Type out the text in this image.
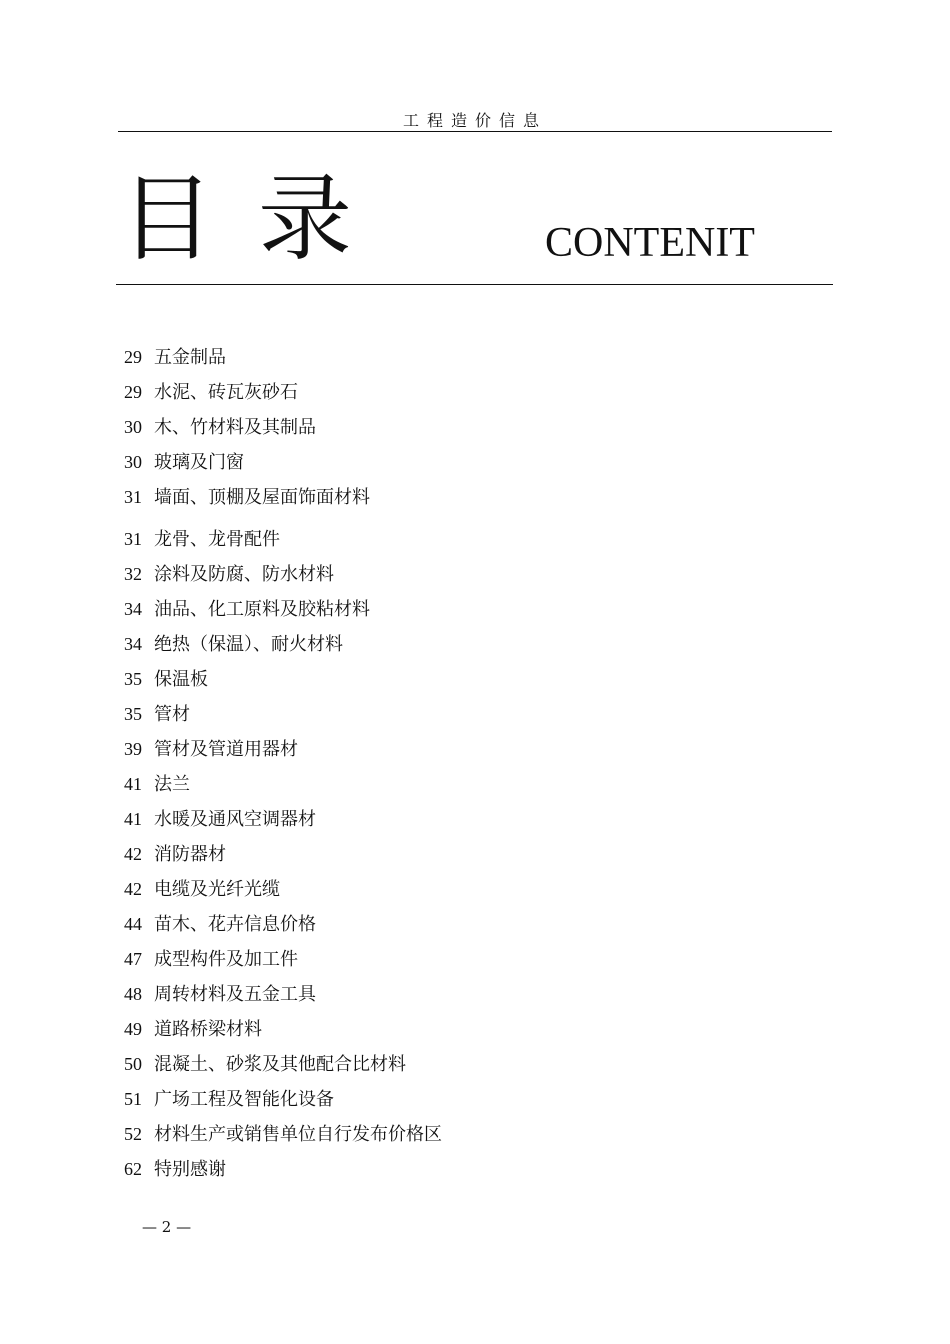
工程造价信息
目录	CONTENIT
29 五金制品
29 水泥、砖瓦灰砂石
30 木、竹材料及其制品
30 玻璃及门窗
31 墙面、顶棚及屋面饰面材料
31 龙骨、龙骨配件
32 涂料及防腐、防水材料
34 油品、化工原料及胶粘材料
34 绝热（保温）、耐火材料
35 保温板
35 管材
39 管材及管道用器材
41 法兰
41 水暖及通风空调器材
42 消防器材
42 电缆及光纤光缆
44 苗木、花卉信息价格
47 成型构件及加工件
48 周转材料及五金工具
49 道路桥梁材料
50 混凝土、砂浆及其他配合比材料
51 广场工程及智能化设备
52 材料生产或销售单位自行发布价格区
62 特别感谢
— 2 —
